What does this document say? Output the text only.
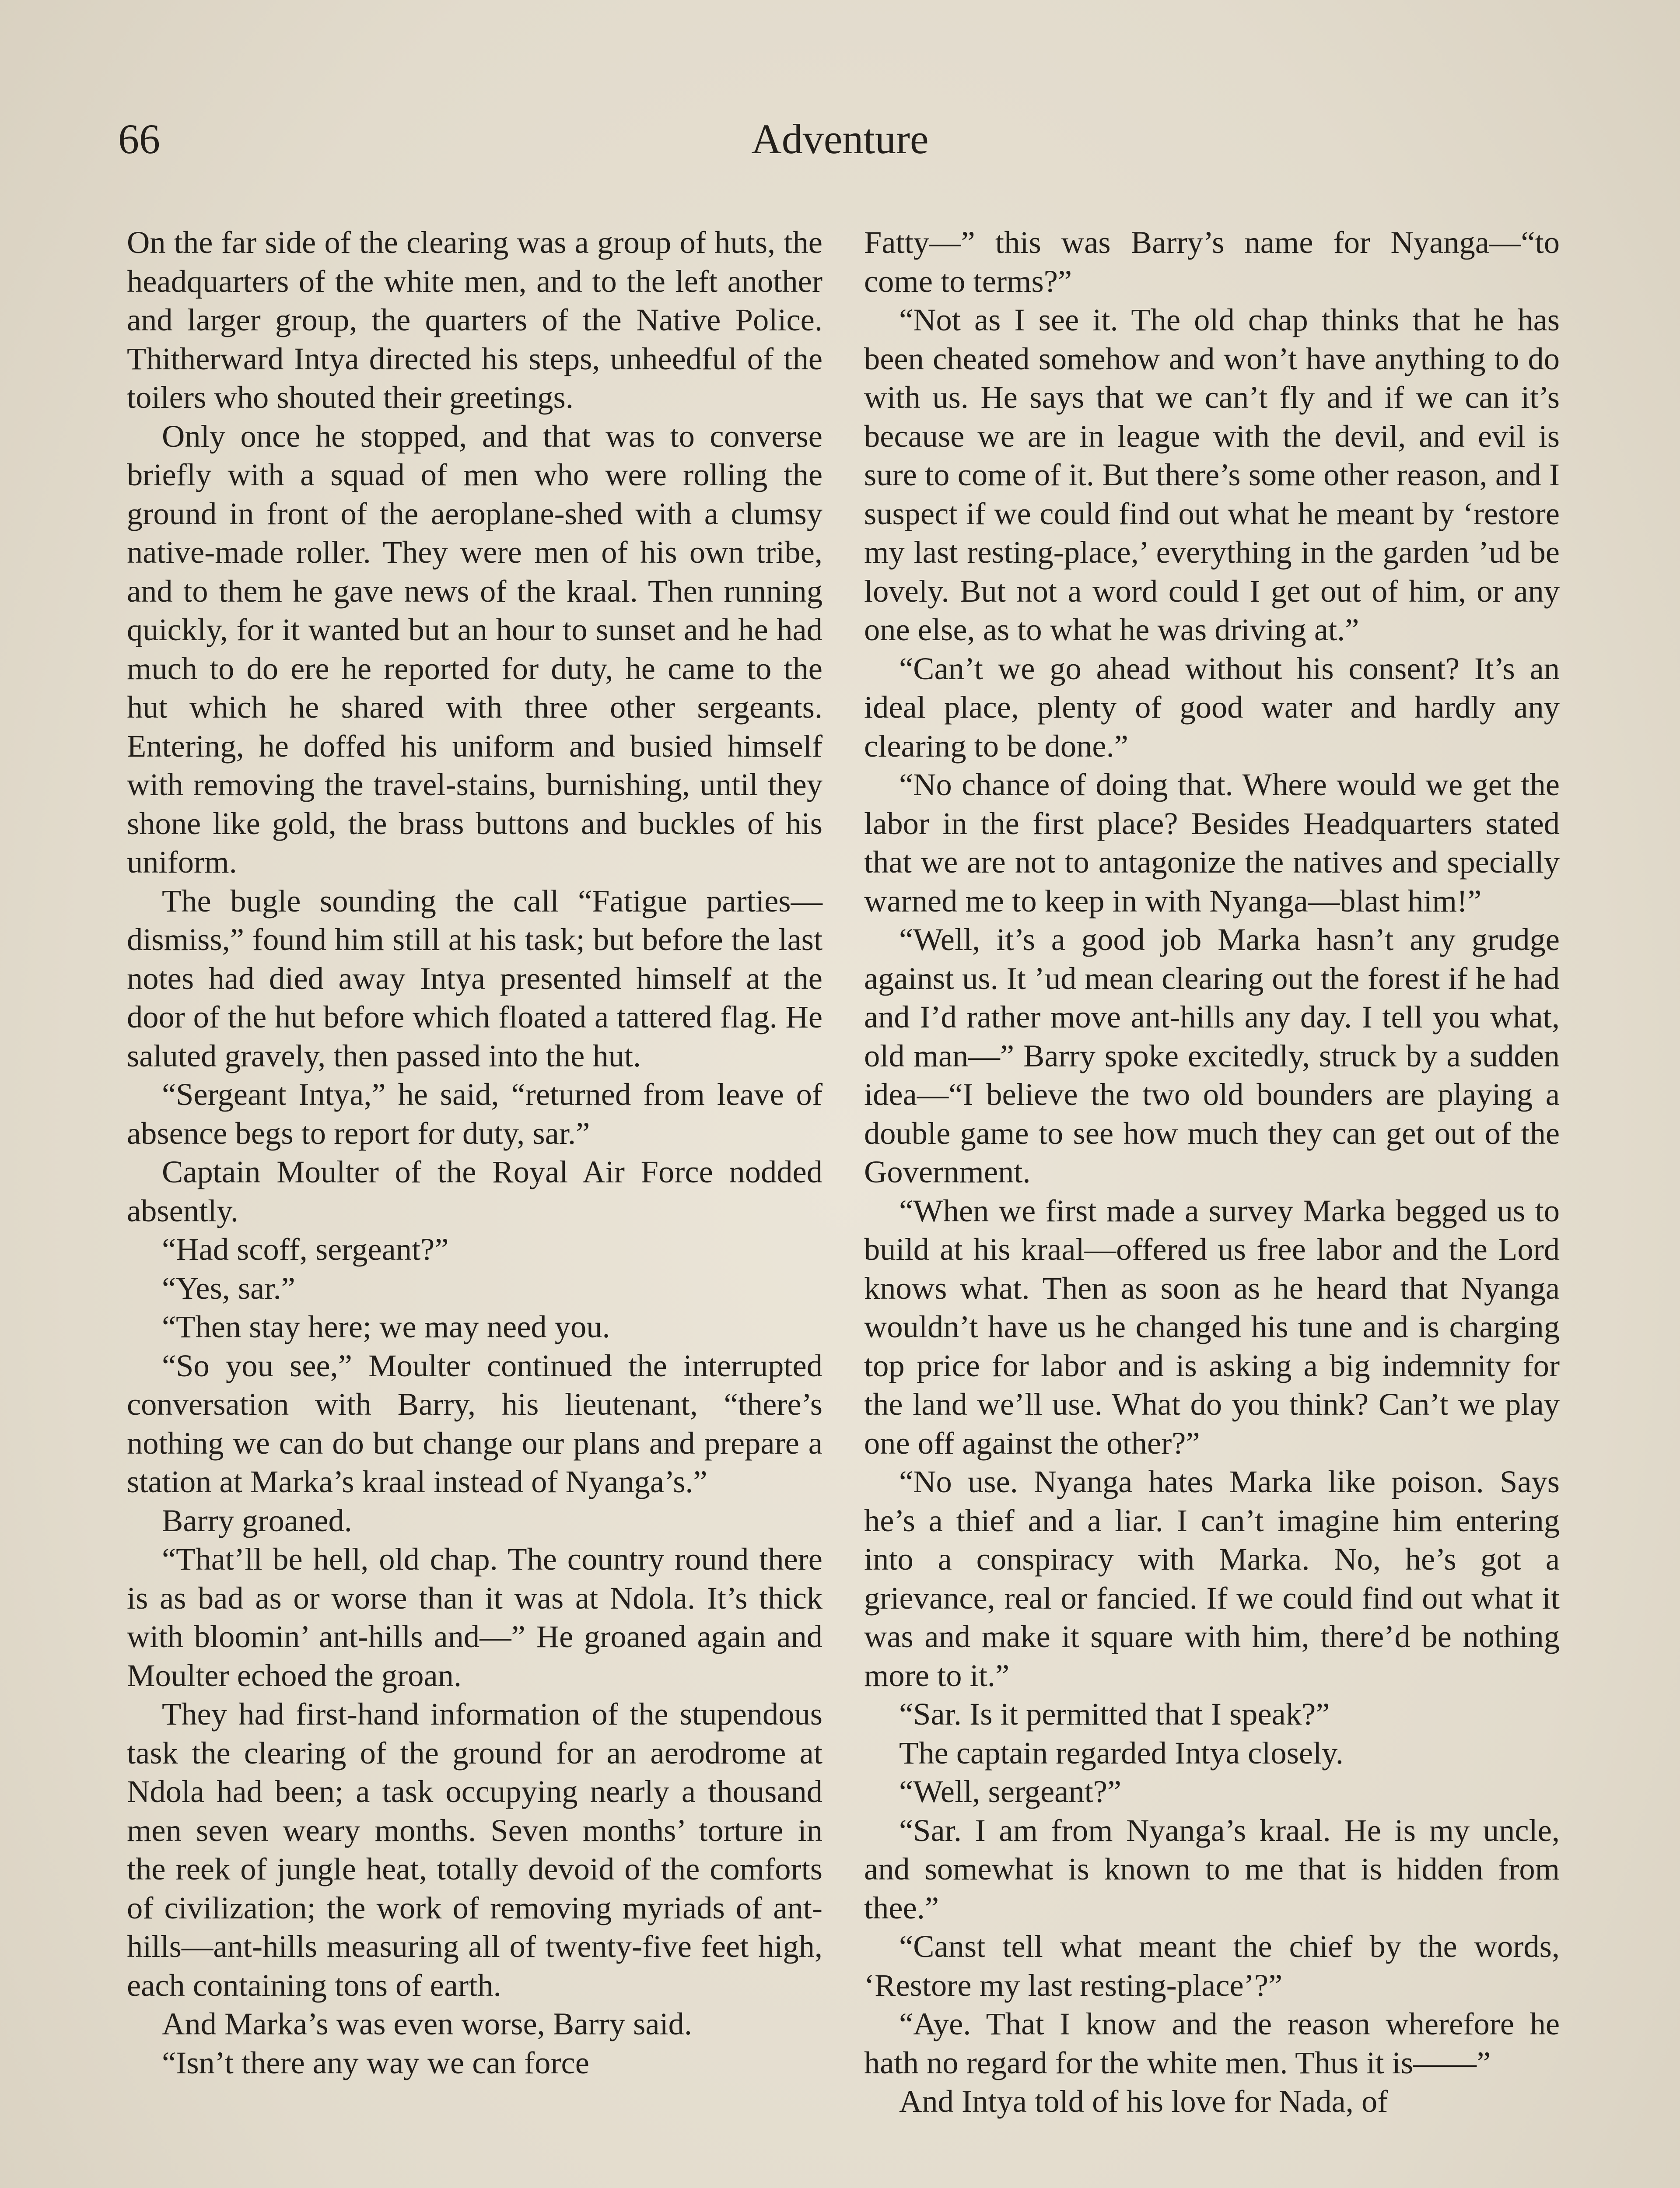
66	Adventure

On the far side of the clearing was a group of huts, the headquarters of the white men, and to the left another and larger group, the quarters of the Native Police. Thitherward Intya directed his steps, unheedful of the toilers who shouted their greetings.

Only once he stopped, and that was to converse briefly with a squad of men who were rolling the ground in front of the aeroplane-shed with a clumsy native-made roller. They were men of his own tribe, and to them he gave news of the kraal. Then running quickly, for it wanted but an hour to sunset and he had much to do ere he reported for duty, he came to the hut which he shared with three other sergeants. Entering, he doffed his uniform and busied himself with removing the travel-stains, burnishing, until they shone like gold, the brass buttons and buckles of his uniform.

The bugle sounding the call “Fatigue parties—dismiss,” found him still at his task; but before the last notes had died away Intya presented himself at the door of the hut before which floated a tattered flag. He saluted gravely, then passed into the hut.

“Sergeant Intya,” he said, “returned from leave of absence begs to report for duty, sar.”

Captain Moulter of the Royal Air Force nodded absently.

“Had scoff, sergeant?”

“Yes, sar.”

“Then stay here; we may need you.

“So you see,” Moulter continued the interrupted conversation with Barry, his lieutenant, “there’s nothing we can do but change our plans and prepare a station at Marka’s kraal instead of Nyanga’s.”

Barry groaned.

“That’ll be hell, old chap. The country round there is as bad as or worse than it was at Ndola. It’s thick with bloomin’ ant-hills and—” He groaned again and Moulter echoed the groan.

They had first-hand information of the stupendous task the clearing of the ground for an aerodrome at Ndola had been; a task occupying nearly a thousand men seven weary months. Seven months’ torture in the reek of jungle heat, totally devoid of the comforts of civilization; the work of removing myriads of ant-hills—ant-hills measuring all of twenty-five feet high, each containing tons of earth.

And Marka’s was even worse, Barry said.

“Isn’t there any way we can force

Fatty—” this was Barry’s name for Nyanga—“to come to terms?”

“Not as I see it. The old chap thinks that he has been cheated somehow and won’t have anything to do with us. He says that we can’t fly and if we can it’s because we are in league with the devil, and evil is sure to come of it. But there’s some other reason, and I suspect if we could find out what he meant by ‘restore my last resting-place,’ everything in the garden ’ud be lovely. But not a word could I get out of him, or any one else, as to what he was driving at.”

“Can’t we go ahead without his consent? It’s an ideal place, plenty of good water and hardly any clearing to be done.”

“No chance of doing that. Where would we get the labor in the first place? Besides Headquarters stated that we are not to antagonize the natives and specially warned me to keep in with Nyanga—blast him!”

“Well, it’s a good job Marka hasn’t any grudge against us. It ’ud mean clearing out the forest if he had and I’d rather move ant-hills any day. I tell you what, old man—” Barry spoke excitedly, struck by a sudden idea—“I believe the two old bounders are playing a double game to see how much they can get out of the Government.

“When we first made a survey Marka begged us to build at his kraal—offered us free labor and the Lord knows what. Then as soon as he heard that Nyanga wouldn’t have us he changed his tune and is charging top price for labor and is asking a big indemnity for the land we’ll use. What do you think? Can’t we play one off against the other?”

“No use. Nyanga hates Marka like poison. Says he’s a thief and a liar. I can’t imagine him entering into a conspiracy with Marka. No, he’s got a grievance, real or fancied. If we could find out what it was and make it square with him, there’d be nothing more to it.”

“Sar. Is it permitted that I speak?”

The captain regarded Intya closely.

“Well, sergeant?”

“Sar. I am from Nyanga’s kraal. He is my uncle, and somewhat is known to me that is hidden from thee.”

“Canst tell what meant the chief by the words, ‘Restore my last resting-place’?”

“Aye. That I know and the reason wherefore he hath no regard for the white men. Thus it is——”

And Intya told of his love for Nada, of
